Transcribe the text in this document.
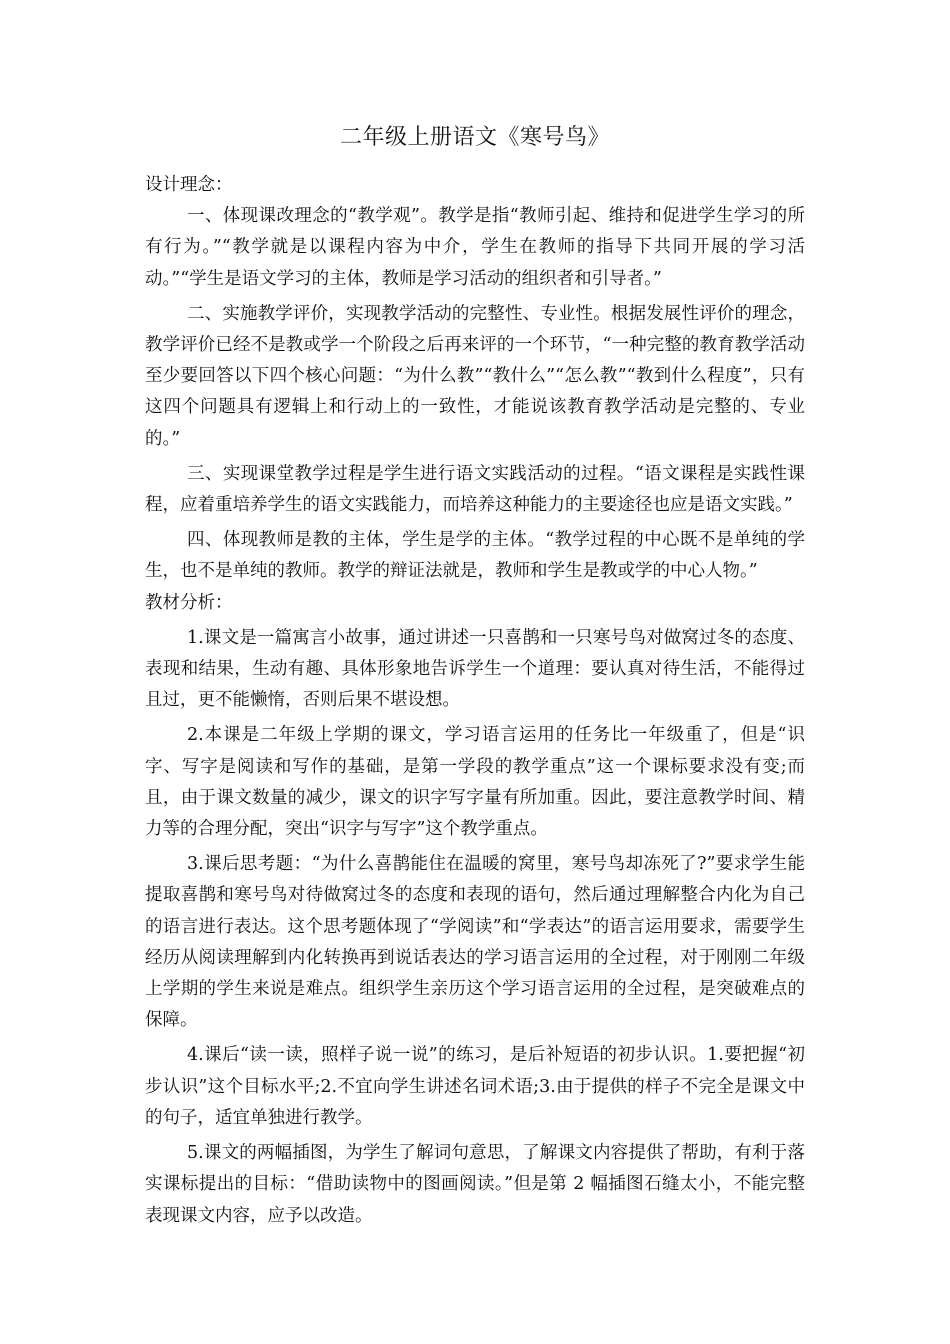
二年级上册语文《寒号鸟》

设计理念：

一、体现课改理念的“教学观”。教学是指“教师引起、维持和促进学生学习的所有行为。”“教学就是以课程内容为中介，学生在教师的指导下共同开展的学习活动。”“学生是语文学习的主体，教师是学习活动的组织者和引导者。”

二、实施教学评价，实现教学活动的完整性、专业性。根据发展性评价的理念，教学评价已经不是教或学一个阶段之后再来评的一个环节，“一种完整的教育教学活动至少要回答以下四个核心问题：“为什么教”“教什么”“怎么教”“教到什么程度”，只有这四个问题具有逻辑上和行动上的一致性，才能说该教育教学活动是完整的、专业的。”

三、实现课堂教学过程是学生进行语文实践活动的过程。“语文课程是实践性课程，应着重培养学生的语文实践能力，而培养这种能力的主要途径也应是语文实践。”

四、体现教师是教的主体，学生是学的主体。“教学过程的中心既不是单纯的学生，也不是单纯的教师。教学的辩证法就是，教师和学生是教或学的中心人物。”

教材分析：

1.课文是一篇寓言小故事，通过讲述一只喜鹊和一只寒号鸟对做窝过冬的态度、表现和结果，生动有趣、具体形象地告诉学生一个道理：要认真对待生活，不能得过且过，更不能懒惰，否则后果不堪设想。

2.本课是二年级上学期的课文，学习语言运用的任务比一年级重了，但是“识字、写字是阅读和写作的基础，是第一学段的教学重点”这一个课标要求没有变;而且，由于课文数量的减少，课文的识字写字量有所加重。因此，要注意教学时间、精力等的合理分配，突出“识字与写字”这个教学重点。

3.课后思考题：“为什么喜鹊能住在温暖的窝里，寒号鸟却冻死了?”要求学生能提取喜鹊和寒号鸟对待做窝过冬的态度和表现的语句，然后通过理解整合内化为自己的语言进行表达。这个思考题体现了“学阅读”和“学表达”的语言运用要求，需要学生经历从阅读理解到内化转换再到说话表达的学习语言运用的全过程，对于刚刚二年级上学期的学生来说是难点。组织学生亲历这个学习语言运用的全过程，是突破难点的保障。

4.课后“读一读，照样子说一说”的练习，是后补短语的初步认识。1.要把握“初步认识”这个目标水平;2.不宜向学生讲述名词术语;3.由于提供的样子不完全是课文中的句子，适宜单独进行教学。

5.课文的两幅插图，为学生了解词句意思，了解课文内容提供了帮助，有利于落实课标提出的目标：“借助读物中的图画阅读。”但是第 2 幅插图石缝太小，不能完整表现课文内容，应予以改造。
